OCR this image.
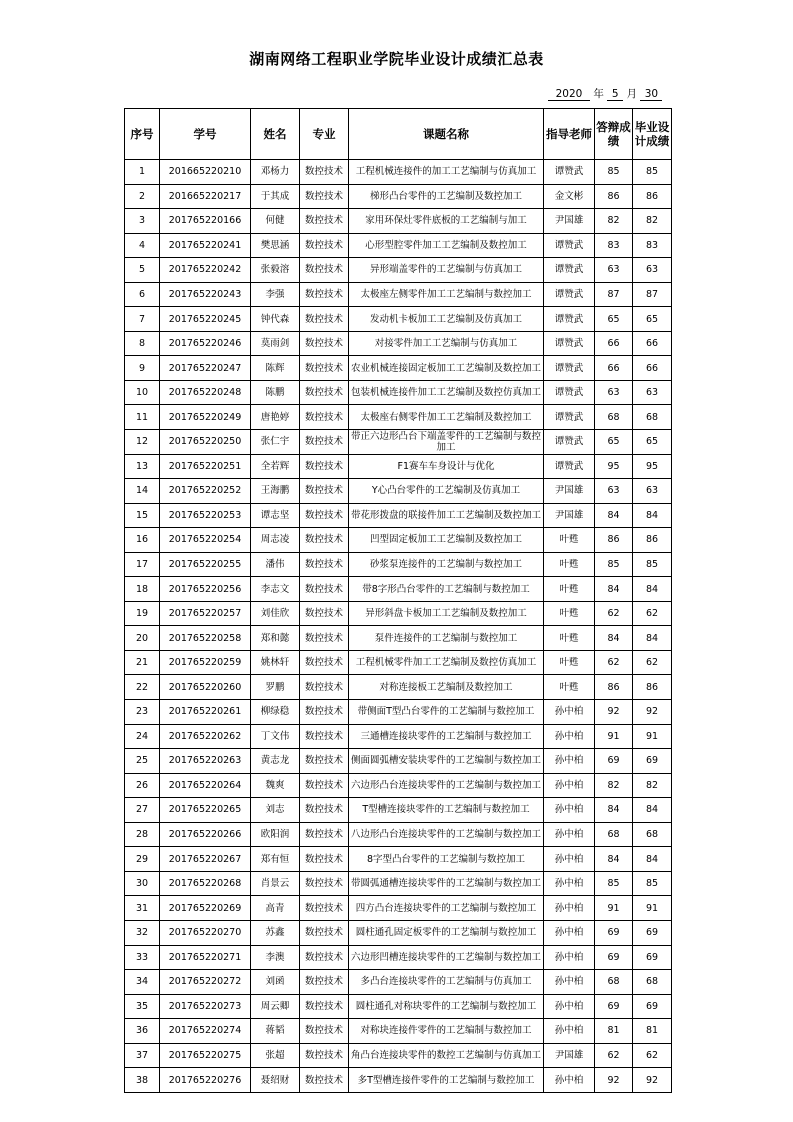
湖南网络工程职业学院毕业设计成绩汇总表
2020 年 5 月 30
序号	学号	姓名	专业	课题名称	指导老师	答辩成绩	毕业设计成绩
1	201665220210	邓杨力	数控技术	工程机械连接件的加工工艺编制与仿真加工	谭赞武	85	85
2	201665220217	于其成	数控技术	梯形凸台零件的工艺编制及数控加工	金文彬	86	86
3	201765220166	何健	数控技术	家用环保灶零件底板的工艺编制与加工	尹国雄	82	82
4	201765220241	樊思涵	数控技术	心形型腔零件加工工艺编制及数控加工	谭赞武	83	83
5	201765220242	张毅溶	数控技术	异形端盖零件的工艺编制与仿真加工	谭赞武	63	63
6	201765220243	李强	数控技术	太极座左侧零件加工工艺编制与数控加工	谭赞武	87	87
7	201765220245	钟代森	数控技术	发动机卡板加工工艺编制及仿真加工	谭赞武	65	65
8	201765220246	莫雨剑	数控技术	对接零件加工工艺编制与仿真加工	谭赞武	66	66
9	201765220247	陈辉	数控技术	农业机械连接固定板加工工艺编制及数控加工	谭赞武	66	66
10	201765220248	陈鹏	数控技术	包装机械连接件加工工艺编制及数控仿真加工	谭赞武	63	63
11	201765220249	唐艳婷	数控技术	太极座右侧零件加工工艺编制及数控加工	谭赞武	68	68
12	201765220250	张仁宇	数控技术	带正六边形凸台下端盖零件的工艺编制与数控加工	谭赞武	65	65
13	201765220251	全若辉	数控技术	F1赛车车身设计与优化	谭赞武	95	95
14	201765220252	王海鹏	数控技术	Y心凸台零件的工艺编制及仿真加工	尹国雄	63	63
15	201765220253	谭志坚	数控技术	带花形拨盘的联接件加工工艺编制及数控加工	尹国雄	84	84
16	201765220254	周志凌	数控技术	凹型固定板加工工艺编制及数控加工	叶甦	86	86
17	201765220255	潘伟	数控技术	砂浆泵连接件的工艺编制与数控加工	叶甦	85	85
18	201765220256	李志文	数控技术	带8字形凸台零件的工艺编制与数控加工	叶甦	84	84
19	201765220257	刘佳欣	数控技术	异形斜盘卡板加工工艺编制及数控加工	叶甦	62	62
20	201765220258	郑和懿	数控技术	泵件连接件的工艺编制与数控加工	叶甦	84	84
21	201765220259	姚林轩	数控技术	工程机械零件加工工艺编制及数控仿真加工	叶甦	62	62
22	201765220260	罗鹏	数控技术	对称连接板工艺编制及数控加工	叶甦	86	86
23	201765220261	柳绿稳	数控技术	带侧面T型凸台零件的工艺编制与数控加工	孙中柏	92	92
24	201765220262	丁文伟	数控技术	三通槽连接块零件的工艺编制与数控加工	孙中柏	91	91
25	201765220263	黄志龙	数控技术	侧面圆弧槽安装块零件的工艺编制与数控加工	孙中柏	69	69
26	201765220264	魏爽	数控技术	六边形凸台连接块零件的工艺编制与数控加工	孙中柏	82	82
27	201765220265	刘志	数控技术	T型槽连接块零件的工艺编制与数控加工	孙中柏	84	84
28	201765220266	欧阳润	数控技术	八边形凸台连接块零件的工艺编制与数控加工	孙中柏	68	68
29	201765220267	郑有恒	数控技术	8字型凸台零件的工艺编制与数控加工	孙中柏	84	84
30	201765220268	肖景云	数控技术	带圆弧通槽连接块零件的工艺编制与数控加工	孙中柏	85	85
31	201765220269	高青	数控技术	四方凸台连接块零件的工艺编制与数控加工	孙中柏	91	91
32	201765220270	苏鑫	数控技术	圆柱通孔固定板零件的工艺编制与数控加工	孙中柏	69	69
33	201765220271	李澳	数控技术	六边形凹槽连接块零件的工艺编制与数控加工	孙中柏	69	69
34	201765220272	刘函	数控技术	多凸台连接块零件的工艺编制与仿真加工	孙中柏	68	68
35	201765220273	周云卿	数控技术	圆柱通孔对称块零件的工艺编制与数控加工	孙中柏	69	69
36	201765220274	蒋韬	数控技术	对称块连接件零件的工艺编制与数控加工	孙中柏	81	81
37	201765220275	张超	数控技术	角凸台连接块零件的数控工艺编制与仿真加工	尹国雄	62	62
38	201765220276	聂绍财	数控技术	多T型槽连接件零件的工艺编制与数控加工	孙中柏	92	92
